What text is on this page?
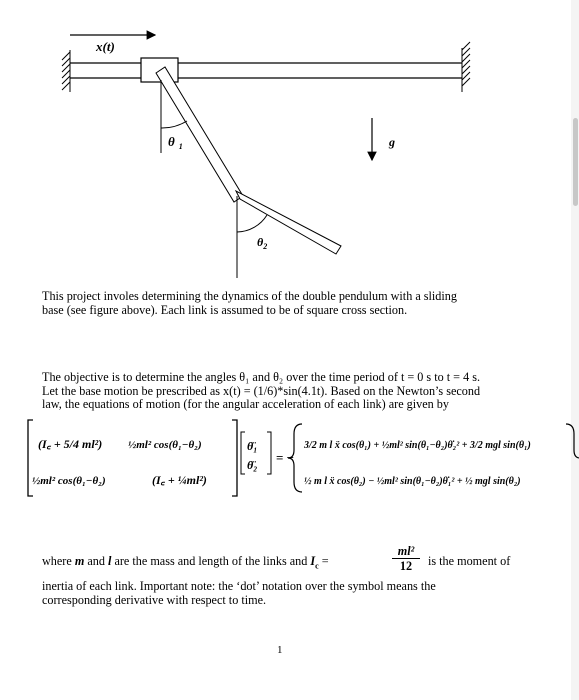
x(t)
θ $_1$
$\theta_2$
g
This project involes determining the dynamics of the double pendulum with a sliding
base (see figure above). Each link is assumed to be of square cross section.
The objective is to determine the angles θ₁ and θ₂ over the time period of t = 0 s to t = 4 s.
Let the base motion be prescribed as x(t) = (1/6)*sin(4.1t). Based on the Newton’s second
law, the equations of motion (for the angular acceleration of each link) are given by
(I꜀ + 5/4 ml²) ½ml² cos(θ₁−θ₂)
½ml² cos(θ₁−θ₂)	(I꜀ + ¼ml²)
θ̈₁
θ̈₂ = −
3/2 m l ẍ cos(θ₁) + ½ml² sin(θ₁−θ₂)θ̇₂² + 3/2 mgl sin(θ₁)
½ m l ẍ cos(θ₂) − ½ml² sin(θ₁−θ₂)θ̇₁² + ½ mgl sin(θ₂)
where m and l are the mass and length of the links and $I_c$ =	$\frac{\text{ml²}}{12}$ is the moment of
inertia of each link. Important note: the ‘dot’ notation over the symbol means the
corresponding derivative with respect to time.
1
